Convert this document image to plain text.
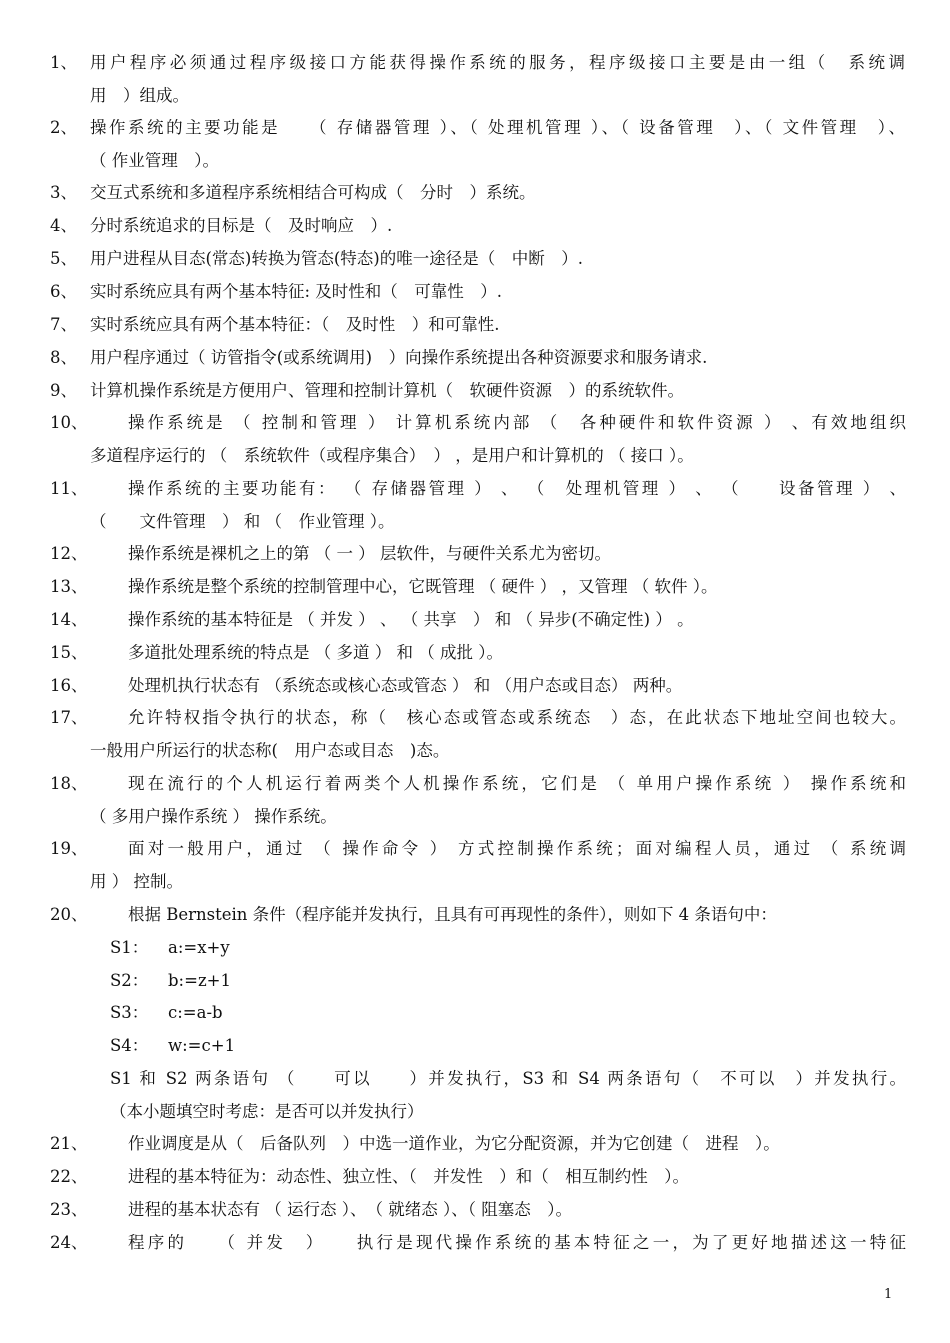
1、 用户程序必须通过程序级接口方能获得操作系统的服务，程序级接口主要是由一组（　系统调
用　）组成。
2、 操作系统的主要功能是　　（ 存储器管理 ）、（ 处理机管理 ）、（ 设备管理　）、（ 文件管理　）、
（ 作业管理　）。
3、 交互式系统和多道程序系统相结合可构成（　分时　）系统。
4、 分时系统追求的目标是（　及时响应　）.
5、 用户进程从目态(常态)转换为管态(特态)的唯一途径是（　中断　）.
6、 实时系统应具有两个基本特征: 及时性和（　可靠性　）.
7、 实时系统应具有两个基本特征：（　及时性　）和可靠性.
8、 用户程序通过（ 访管指令(或系统调用)　）向操作系统提出各种资源要求和服务请求.
9、 计算机操作系统是方便用户、管理和控制计算机（　软硬件资源　）的系统软件。
10、 操作系统是 （ 控制和管理 ） 计算机系统内部 （　各种硬件和软件资源 ） 、有效地组织
多道程序运行的 （　系统软件（或程序集合）　） ，是用户和计算机的 （ 接口 ）。
11、 操作系统的主要功能有： （ 存储器管理 ） 、 （　处理机管理 ） 、 （　　设备管理 ） 、
（　　文件管理　） 和 （　作业管理 ）。
12、 操作系统是裸机之上的第 （ 一 ） 层软件，与硬件关系尤为密切。
13、 操作系统是整个系统的控制管理中心，它既管理 （ 硬件 ） ，又管理 （ 软件 ）。
14、 操作系统的基本特征是 （ 并发 ） 、 （ 共享　） 和 （ 异步(不确定性) ） 。
15、 多道批处理系统的特点是 （ 多道 ） 和 （ 成批 ）。
16、 处理机执行状态有 （系统态或核心态或管态 ） 和 （用户态或目态） 两种。
17、 允许特权指令执行的状态，称（　核心态或管态或系统态　）态，在此状态下地址空间也较大。
一般用户所运行的状态称(　用户态或目态　)态。
18、 现在流行的个人机运行着两类个人机操作系统，它们是 （ 单用户操作系统 ） 操作系统和
（ 多用户操作系统 ） 操作系统。
19、 面对一般用户，通过 （ 操作命令 ） 方式控制操作系统；面对编程人员，通过 （ 系统调
用 ） 控制。
20、 根据 Bernstein 条件（程序能并发执行，且具有可再现性的条件），则如下 4 条语句中：
S1： a:=x+y
S2： b:=z+1
S3： c:=a-b
S4： w:=c+1
S1 和 S2 两条语句 （　　可以　　）并发执行，S3 和 S4 两条语句（　不可以　）并发执行。
（本小题填空时考虑：是否可以并发执行）
21、 作业调度是从（　后备队列　）中选一道作业，为它分配资源，并为它创建（　进程　）。
22、 进程的基本特征为：动态性、独立性、（　并发性　）和（　相互制约性　）。
23、 进程的基本状态有 （ 运行态 ）、　（ 就绪态 ）、（ 阻塞态　）。
24、 程序的　　（ 并发　）　　执行是现代操作系统的基本特征之一，为了更好地描述这一特征
1
